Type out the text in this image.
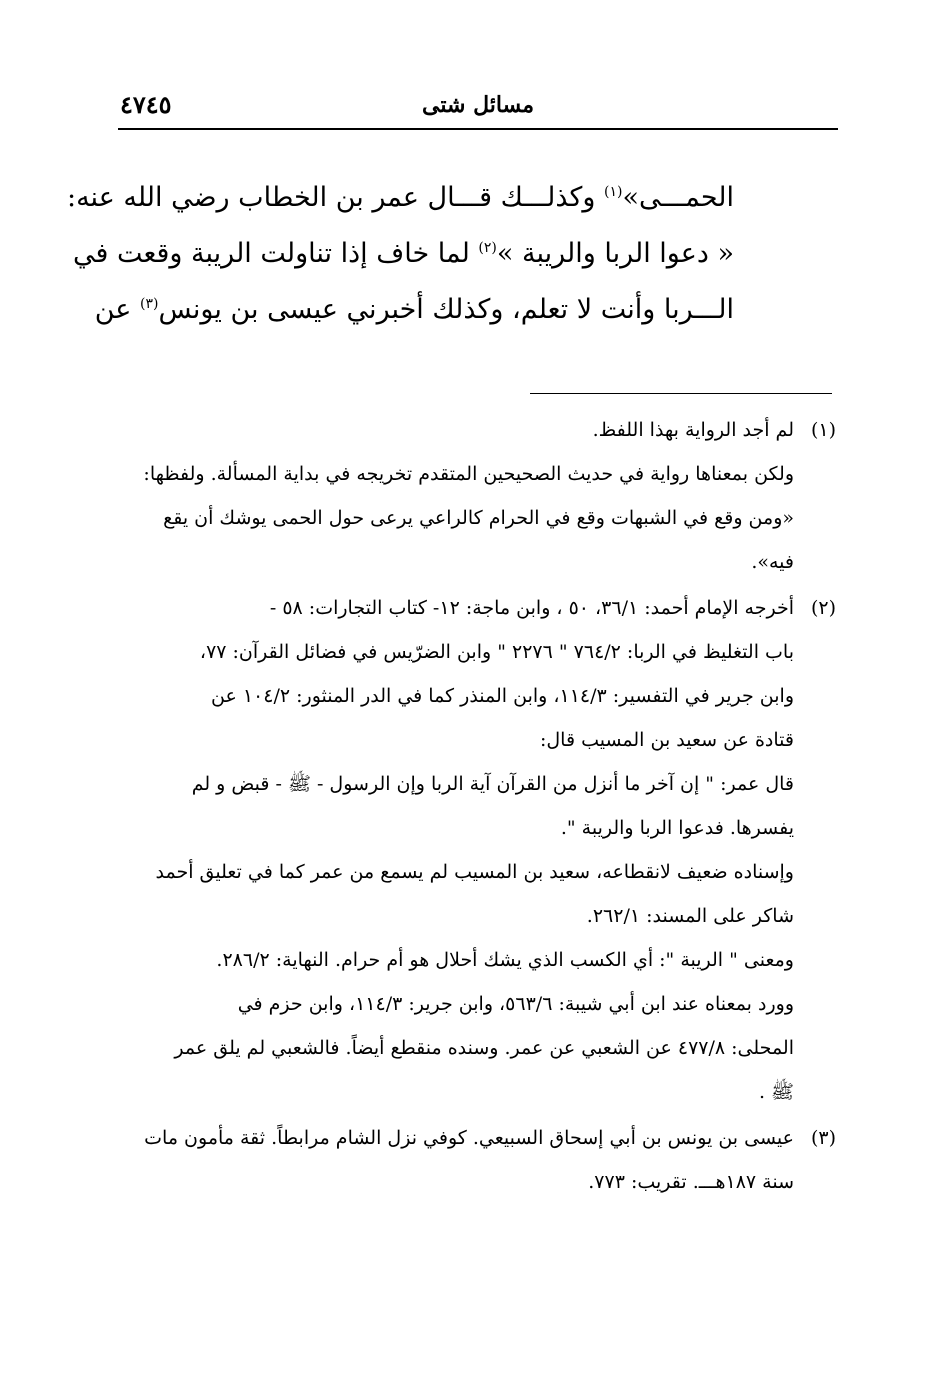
٤٧٤٥	مسائل شتى
الحمـــى»$^{(١)}$ وكذلـــك قـــال عمر بن الخطاب رضي الله عنه:
« دعوا الربا والريبة »$^{(٢)}$ لما خاف إذا تناولت الريبة وقعت في
الـــربا وأنت لا تعلم، وكذلك أخبرني عيسى بن يونس$^{(٣)}$ عن
(١)
لم أجد الرواية بهذا اللفظ.
ولكن بمعناها رواية في حديث الصحيحين المتقدم تخريجه في بداية المسألة. ولفظها:
«ومن وقع في الشبهات وقع في الحرام كالراعي يرعى حول الحمى يوشك أن يقع
فيه».
(٢)
أخرجه الإمام أحمد: ٣٦/١، ٥٠ ، وابن ماجة: ١٢- كتاب التجارات: ٥٨ -
باب التغليظ في الربا: ٧٦٤/٢ " ٢٢٧٦ " وابن الضرّيس في فضائل القرآن: ٧٧،
وابن جرير في التفسير: ١١٤/٣، وابن المنذر كما في الدر المنثور: ١٠٤/٢ عن
قتادة عن سعيد بن المسيب قال:
قال عمر: " إن آخر ما أنزل من القرآن آية الربا وإن الرسول - ﷺ - قبض و لم
يفسرها. فدعوا الربا والريبة ".
وإسناده ضعيف لانقطاعه، سعيد بن المسيب لم يسمع من عمر كما في تعليق أحمد
شاكر على المسند: ٢٦٢/١.
ومعنى " الريبة ": أي الكسب الذي يشك أحلال هو أم حرام. النهاية: ٢٨٦/٢.
وورد بمعناه عند ابن أبي شيبة: ٥٦٣/٦، وابن جرير: ١١٤/٣، وابن حزم في
المحلى: ٤٧٧/٨ عن الشعبي عن عمر. وسنده منقطع أيضاً. فالشعبي لم يلق عمر
ﷺ .
(٣)
عيسى بن يونس بن أبي إسحاق السبيعي. كوفي نزل الشام مرابطاً. ثقة مأمون مات
سنة ١٨٧هـــ. تقريب: ٧٧٣.
